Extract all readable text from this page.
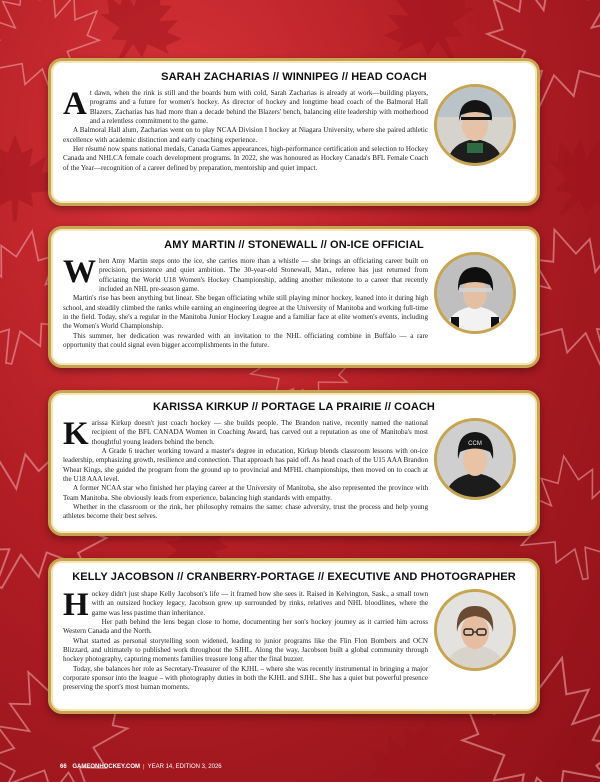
SARAH ZACHARIAS // WINNIPEG // HEAD COACH

At dawn, when the rink is still and the boards hum with cold, Sarah Zacharias is already at work—building players, programs and a future for women's hockey. As director of hockey and longtime head coach of the Balmoral Hall Blazers, Zacharias has had more than a decade behind the Blazers' bench, balancing elite leadership with motherhood and a relentless commitment to the game.

A Balmoral Hall alum, Zacharias went on to play NCAA Division I hockey at Niagara University, where she paired athletic excellence with academic distinction and early coaching experience.

Her résumé now spans national medals, Canada Games appearances, high-performance certification and selection to Hockey Canada and NHLCA female coach development programs. In 2022, she was honoured as Hockey Canada's BFL Female Coach of the Year—recognition of a career defined by preparation, mentorship and quiet impact.

AMY MARTIN // STONEWALL // ON-ICE OFFICIAL

When Amy Martin steps onto the ice, she carries more than a whistle — she brings an officiating career built on precision, persistence and quiet ambition. The 30-year-old Stonewall, Man., referee has just returned from officiating the World U18 Women's Hockey Championship, adding another milestone to a career that recently included an NHL pre-season game.

Martin's rise has been anything but linear. She began officiating while still playing minor hockey, leaned into it during high school, and steadily climbed the ranks while earning an engineering degree at the University of Manitoba and working full-time in the field. Today, she's a regular in the Manitoba Junior Hockey League and a familiar face at elite women's events, including the Women's World Championship.

This summer, her dedication was rewarded with an invitation to the NHL officiating combine in Buffalo — a rare opportunity that could signal even bigger accomplishments in the future.

KARISSA KIRKUP // PORTAGE LA PRAIRIE // COACH

Karissa Kirkup doesn't just coach hockey — she builds people. The Brandon native, recently named the national recipient of the BFL CANADA Women in Coaching Award, has carved out a reputation as one of Manitoba's most thoughtful young leaders behind the bench.

A Grade 6 teacher working toward a master's degree in education, Kirkup blends classroom lessons with on-ice leadership, emphasizing growth, resilience and connection. That approach has paid off. As head coach of the U15 AAA Brandon Wheat Kings, she guided the program from the ground up to provincial and MFHL championships, then moved on to coach at the U18 AAA level.

A former NCAA star who finished her playing career at the University of Manitoba, she also represented the province with Team Manitoba. She obviously leads from experience, balancing high standards with empathy.

Whether in the classroom or the rink, her philosophy remains the same: chase adversity, trust the process and help young athletes become their best selves.

CCM
KELLY JACOBSON // CRANBERRY-PORTAGE // EXECUTIVE AND PHOTOGRAPHER

Hockey didn't just shape Kelly Jacobson's life — it framed how she sees it. Raised in Kelvington, Sask., a small town with an outsized hockey legacy, Jacobson grew up surrounded by rinks, relatives and NHL bloodlines, where the game was less pastime than inheritance.

Her path behind the lens began close to home, documenting her son's hockey journey as it carried him across Western Canada and the North.

What started as personal storytelling soon widened, leading to junior programs like the Flin Flon Bombers and OCN Blizzard, and ultimately to published work throughout the SJHL. Along the way, Jacobson built a global community through hockey photography, capturing moments families treasure long after the final buzzer.

Today, she balances her role as Secretary-Treasurer of the KJHL – where she was recently instrumental in bringing a major corporate sponsor into the league – with photography duties in both the KJHL and SJHL. She has a quiet but powerful presence preserving the sport's most human moments.

66 GAMEONHOCKEY.COM | YEAR 14, EDITION 3, 2026
